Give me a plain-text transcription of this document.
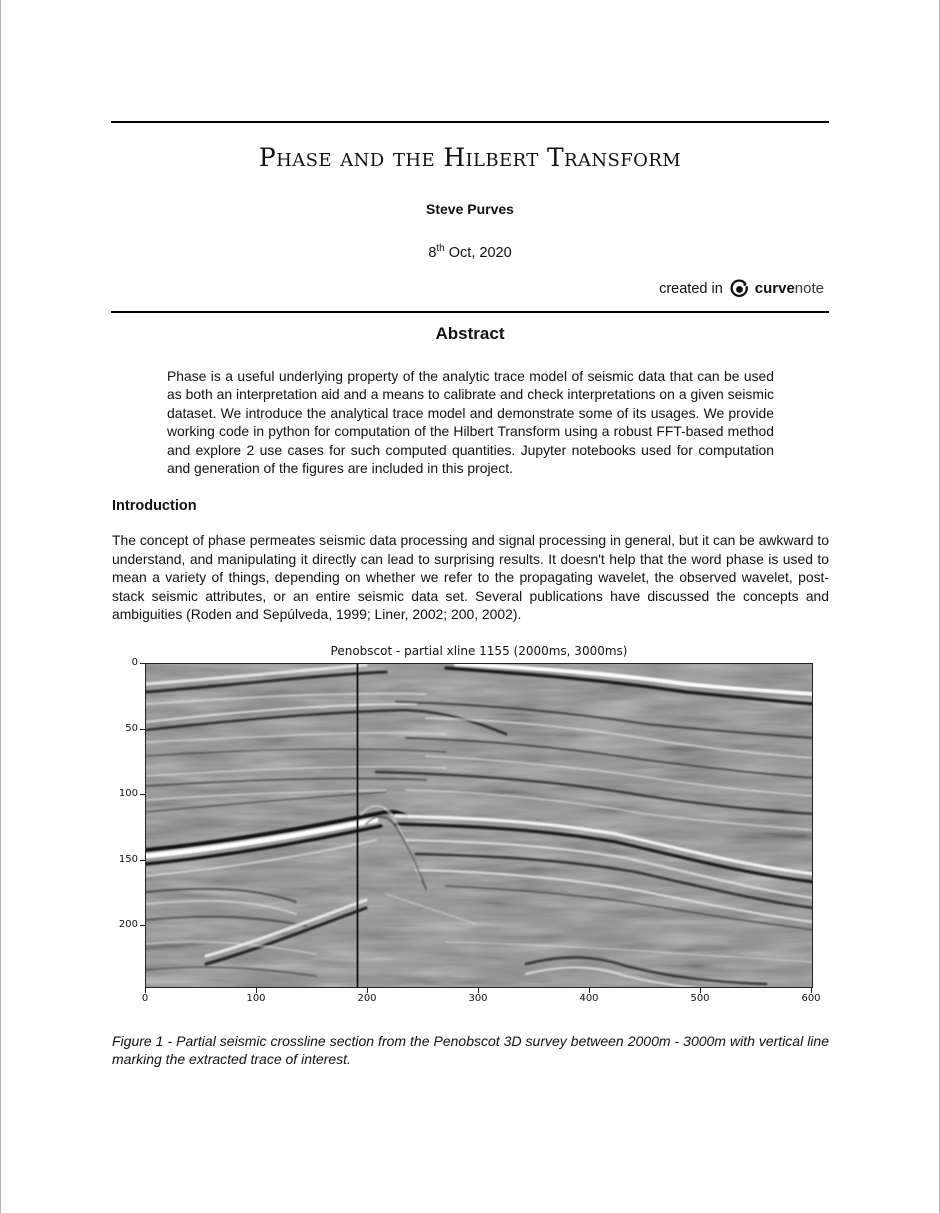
Phase and the Hilbert Transform
Steve Purves
8th Oct, 2020
created in curvenote
Abstract
Phase is a useful underlying property of the analytic trace model of seismic data that can be used as both an interpretation aid and a means to calibrate and check interpretations on a given seismic dataset. We introduce the analytical trace model and demonstrate some of its usages. We provide working code in python for computation of the Hilbert Transform using a robust FFT-based method and explore 2 use cases for such computed quantities. Jupyter notebooks used for computation and generation of the figures are included in this project.
Introduction
The concept of phase permeates seismic data processing and signal processing in general, but it can be awkward to understand, and manipulating it directly can lead to surprising results. It doesn't help that the word phase is used to mean a variety of things, depending on whether we refer to the propagating wavelet, the observed wavelet, post-stack seismic attributes, or an entire seismic data set. Several publications have discussed the concepts and ambiguities (Roden and Sepúlveda, 1999; Liner, 2002; 200, 2002).
Penobscot - partial xline 1155 (2000ms, 3000ms)
0
50
100
150
200
0	100	200	300	400	500	600
Figure 1 - Partial seismic crossline section from the Penobscot 3D survey between 2000m - 3000m with vertical line marking the extracted trace of interest.
